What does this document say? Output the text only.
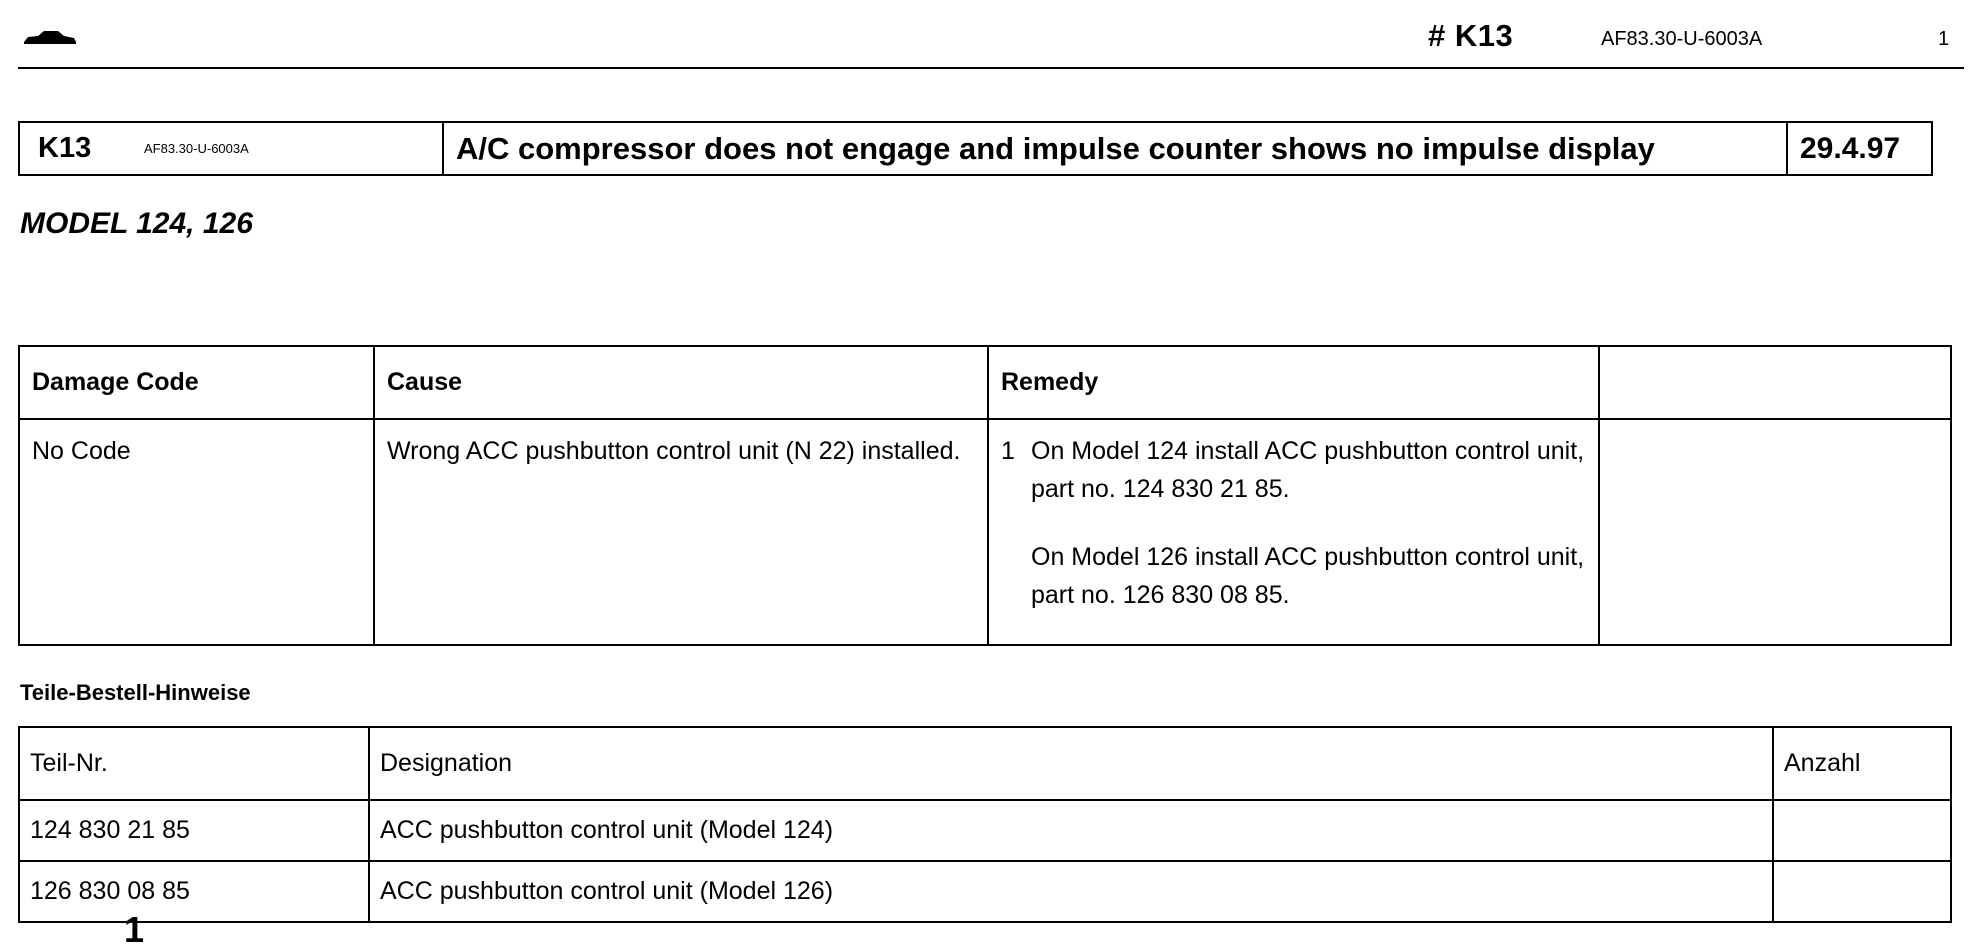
# K13	AF83.30-U-6003A	1
K13	AF83.30-U-6003A	A/C compressor does not engage and impulse counter shows no impulse display	29.4.97
MODEL 124, 126
Damage Code	Cause	Remedy	
No Code	Wrong ACC pushbutton control unit (N 22) installed.	1 On Model 124 install ACC pushbutton control unit, part no. 124 830 21 85.

On Model 126 install ACC pushbutton control unit, part no. 126 830 08 85.	

Teile-Bestell-Hinweise
Teil-Nr.	Designation	Anzahl
124 830 21 85	ACC pushbutton control unit (Model 124)	
126 830 08 85	ACC pushbutton control unit (Model 126)	
1
